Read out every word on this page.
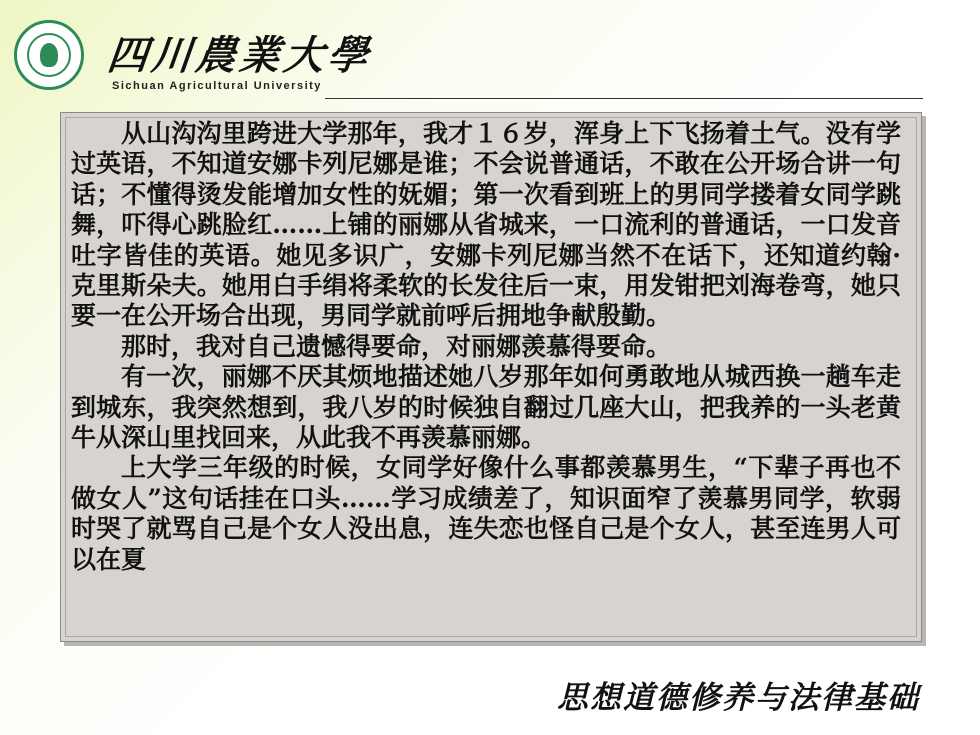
四川農業大學
Sichuan Agricultural University

从山沟沟里跨进大学那年，我才１６岁，浑身上下飞扬着土气。没有学过英语，不知道安娜卡列尼娜是谁；不会说普通话，不敢在公开场合讲一句话；不懂得烫发能增加女性的妩媚；第一次看到班上的男同学搂着女同学跳舞，吓得心跳脸红……上铺的丽娜从省城来，一口流利的普通话，一口发音吐字皆佳的英语。她见多识广，安娜卡列尼娜当然不在话下，还知道约翰·克里斯朵夫。她用白手绢将柔软的长发往后一束，用发钳把刘海卷弯，她只要一在公开场合出现，男同学就前呼后拥地争献殷勤。

那时，我对自己遗憾得要命，对丽娜羡慕得要命。

有一次，丽娜不厌其烦地描述她八岁那年如何勇敢地从城西换一趟车走到城东，我突然想到，我八岁的时候独自翻过几座大山，把我养的一头老黄牛从深山里找回来，从此我不再羡慕丽娜。

上大学三年级的时候，女同学好像什么事都羡慕男生，“下辈子再也不做女人”这句话挂在口头……学习成绩差了，知识面窄了羡慕男同学，软弱时哭了就骂自己是个女人没出息，连失恋也怪自己是个女人，甚至连男人可以在夏

思想道德修养与法律基础
